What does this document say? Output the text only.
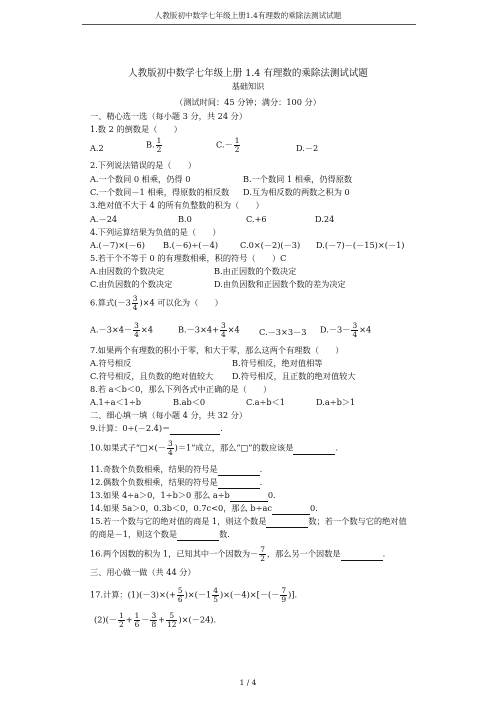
人教版初中数学七年级上册1.4有理数的乘除法测试试题
人教版初中数学七年级上册 1.4 有理数的乘除法测试试题
基础知识
（测试时间：45 分钟；满分：100 分）
一、精心选一选（每小题 3 分，共 24 分）
1.数 2 的倒数是（　　）
A.2	B. $\frac{1}{2}$	$C.- \frac{1}{2}$	D.－2
2.下列说法错误的是（　　）
A.一个数同 0 相乘，仍得 0	B.一个数同 1 相乘，仍得原数
C.一个数同－1 相乘，得原数的相反数 D.互为相反数的两数之积为 0
3.绝对值不大于 4 的所有负整数的积为（　　）
A.－24	B.0	C.+6	D.24
4.下列运算结果为负值的是（　　）
A.(－7)×(－6) B.(－6)÷(－4)	C.0×(－2)(－3) D.(－7)－(－15)×(－1)
5.若干个不等于 0 的有理数相乘，积的符号（　　）C
A.由因数的个数决定	B.由正因数的个数决定
C.由负因数的个数决定	D.由负因数和正因数个数的差为决定
6.算式$(-3 \frac{3}{4} )\times 4$ 可以化为（　　）
$A.-3\times 4- \frac{3}{4} \times 4$	$B.-3\times 4+ \frac{3}{4} \times 4$ C.－3×3－3 $D.-3- \frac{3}{4} \times 4$
7.如果两个有理数的积小于零，和大于零，那么这两个有理数（　　）
A.符号相反	B.符号相反，绝对值相等
C.符号相反，且负数的绝对值较大 D.符号相反，且正数的绝对值较大
8.若 a＜b＜0，那么下列各式中正确的是（　　）
A.1÷a＜1÷b	B.ab＜0	C.a÷b＜1	D.a÷b＞1
二、细心填一填（每小题 4 分，共 32 分）
9.计算：0÷(－2.4)＝	.
10.如果式子“□×(－ $\frac{3}{4} )=1$”成立，那么“□”的数应该是	.
11.奇数个负数相乘，结果的符号是	.
12.偶数个负数相乘，结果的符号是	.
13.如果 4÷a＞0，1÷b＞0 那么 a÷b	0.
14.如果 5a＞0，0.3b＜0，0.7c<0，那么 b÷ac	0.
15.若一个数与它的绝对值的商是 1，则这个数是	数；若一个数与它的绝对值
的商是－1，则这个数是	数.
16.两个因数的积为 1，已知其中一个因数为－ $\frac{7}{2}$ ，那么另一个因数是	.
三、用心做一做（共 44 分）
17.计算：$(1)(-3)\times(+ \frac{5}{6} )\times(-1 \frac{4}{5} )\times(-4)\times[-(- \frac{7}{9}$ )].
$(2)(- \frac{1}{2} + \frac{1}{6} - \frac{3}{8} + \frac{5}{12} )\times(-24)$.
1 / 4
